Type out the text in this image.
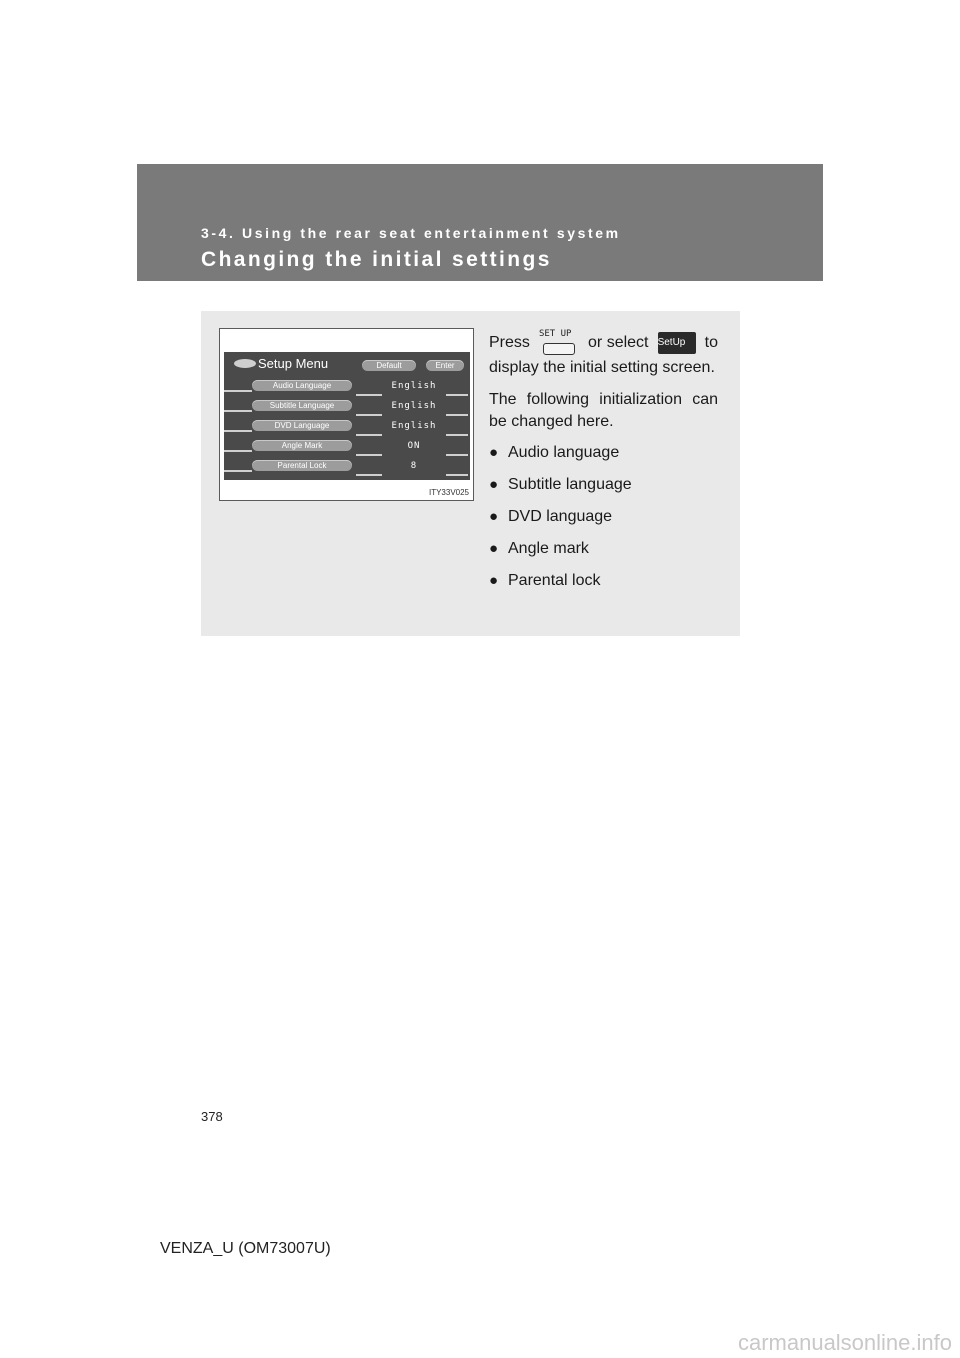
3-4. Using the rear seat entertainment system
Changing the initial settings
Setup Menu	Default	Enter
Audio Language	English
Subtitle Language	English
DVD Language	English
Angle Mark	ON
Parental Lock	8
ITY33V025
Press SET UP	or select SetUp	to
display the initial setting screen.
The following initialization can be changed here.
● Audio language
● Subtitle language
● DVD language
● Angle mark
● Parental lock
378
VENZA_U (OM73007U)
carmanualsonline.info
